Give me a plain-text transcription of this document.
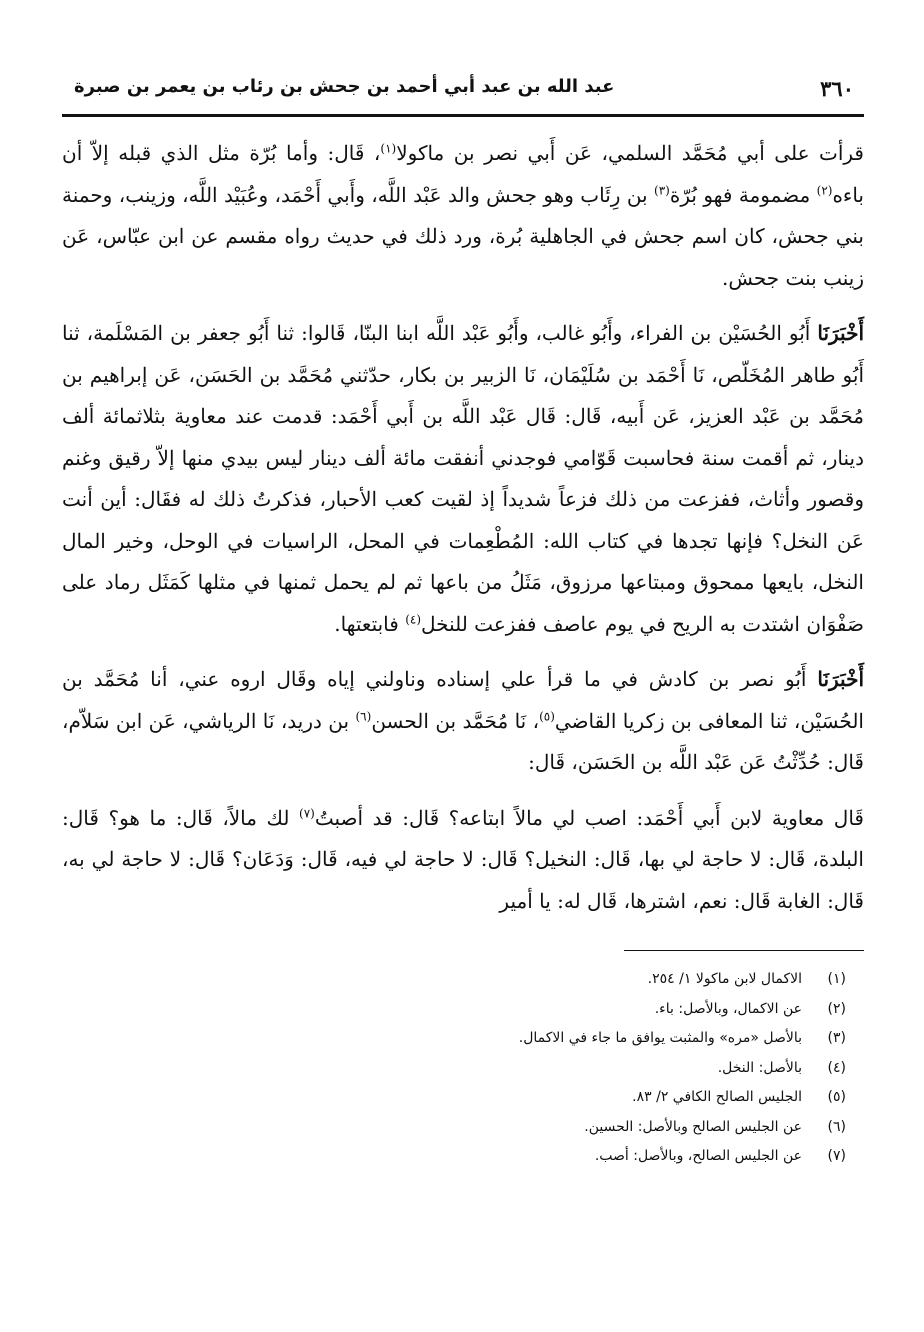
٣٦٠
عبد الله بن عبد أبي أحمد بن جحش بن رئاب بن يعمر بن صبرة

قرأت على أبي مُحَمَّد السلمي، عَن أَبي نصر بن ماكولا$^{(١)}$، قَال: وأما بُرّة مثل الذي قبله إلاّ أن باءه$^{(٢)}$ مضمومة فهو بُرّة$^{(٣)}$ بن رِئَاب وهو جحش والد عَبْد اللَّه، وأَبي أَحْمَد، وعُبَيْد اللَّه، وزينب، وحمنة بني جحش، كان اسم جحش في الجاهلية بُرة، ورد ذلك في حديث رواه مقسم عن ابن عبّاس، عَن زينب بنت جحش.

أَخْبَرَنَا أَبُو الحُسَيْن بن الفراء، وأَبُو غالب، وأَبُو عَبْد اللَّه ابنا البنّا، قَالوا: ثنا أَبُو جعفر بن المَسْلَمة، ثنا أَبُو طاهر المُخَلّص، نَا أَحْمَد بن سُلَيْمَان، نَا الزبير بن بكار، حدّثني مُحَمَّد بن الحَسَن، عَن إبراهيم بن مُحَمَّد بن عَبْد العزيز، عَن أَبيه، قَال: قَال عَبْد اللَّه بن أَبي أَحْمَد: قدمت عند معاوية بثلاثمائة ألف دينار، ثم أقمت سنة فحاسبت قَوّامي فوجدني أنفقت مائة ألف دينار ليس بيدي منها إلاّ رقيق وغنم وقصور وأثاث، ففزعت من ذلك فزعاً شديداً إذ لقيت كعب الأحبار، فذكرتُ ذلك له فقَال: أين أنت عَن النخل؟ فإنها تجدها في كتاب الله: المُطْعِمات في المحل، الراسيات في الوحل، وخير المال النخل، بايعها ممحوق ومبتاعها مرزوق، مَثَلُ من باعها ثم لم يحمل ثمنها في مثلها كَمَثَل رماد على صَفْوَان اشتدت به الريح في يوم عاصف ففزعت للنخل$^{(٤)}$ فابتعتها.

أَخْبَرَنَا أَبُو نصر بن كادش في ما قرأ علي إسناده وناولني إياه وقَال اروه عني، أنا مُحَمَّد بن الحُسَيْن، ثنا المعافى بن زكريا القاضي$^{(٥)}$، نَا مُحَمَّد بن الحسن$^{(٦)}$ بن دريد، نَا الرياشي، عَن ابن سَلاّم، قَال: حُدِّثْتُ عَن عَبْد اللَّه بن الحَسَن، قَال:

قَال معاوية لابن أَبي أَحْمَد: اصب لي مالاً ابتاعه؟ قَال: قد أصبتُ$^{(٧)}$ لك مالاً، قَال: ما هو؟ قَال: البلدة، قَال: لا حاجة لي بها، قَال: النخيل؟ قَال: لا حاجة لي فيه، قَال: وَدَعَان؟ قَال: لا حاجة لي به، قَال: الغابة قَال: نعم، اشترها، قَال له: يا أمير

(١)
الاكمال لابن ماكولا ١/ ٢٥٤.
(٢)
عن الاكمال، وبالأصل: باء.
(٣)
بالأصل «مره» والمثبت يوافق ما جاء في الاكمال.
(٤)
بالأصل: النخل.
(٥)
الجليس الصالح الكافي ٢/ ٨٣.
(٦)
عن الجليس الصالح وبالأصل: الحسين.
(٧)
عن الجليس الصالح، وبالأصل: أصب.
